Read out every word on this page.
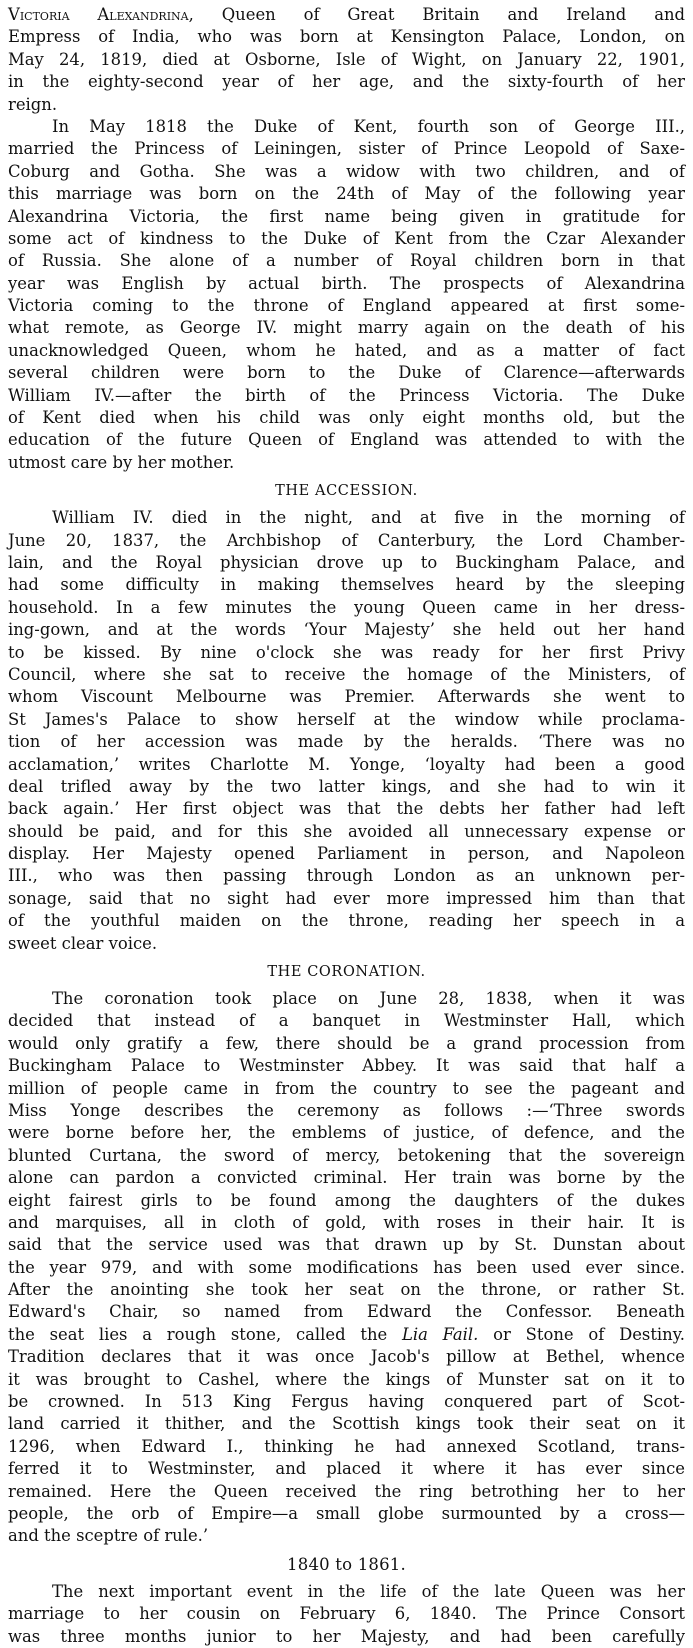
Victoria Alexandrina, Queen of Great Britain and Ireland and
Empress of India, who was born at Kensington Palace, London, on
May 24, 1819, died at Osborne, Isle of Wight, on January 22, 1901,
in the eighty-second year of her age, and the sixty-fourth of her
reign.
In May 1818 the Duke of Kent, fourth son of George III.,
married the Princess of Leiningen, sister of Prince Leopold of Saxe-
Coburg and Gotha. She was a widow with two children, and of
this marriage was born on the 24th of May of the following year
Alexandrina Victoria, the first name being given in gratitude for
some act of kindness to the Duke of Kent from the Czar Alexander
of Russia. She alone of a number of Royal children born in that
year was English by actual birth. The prospects of Alexandrina
Victoria coming to the throne of England appeared at first some-
what remote, as George IV. might marry again on the death of his
unacknowledged Queen, whom he hated, and as a matter of fact
several children were born to the Duke of Clarence—afterwards
William IV.—after the birth of the Princess Victoria. The Duke
of Kent died when his child was only eight months old, but the
education of the future Queen of England was attended to with the
utmost care by her mother.
THE ACCESSION.
William IV. died in the night, and at five in the morning of
June 20, 1837, the Archbishop of Canterbury, the Lord Chamber-
lain, and the Royal physician drove up to Buckingham Palace, and
had some difficulty in making themselves heard by the sleeping
household. In a few minutes the young Queen came in her dress-
ing-gown, and at the words ‘Your Majesty’ she held out her hand
to be kissed. By nine o'clock she was ready for her first Privy
Council, where she sat to receive the homage of the Ministers, of
whom Viscount Melbourne was Premier. Afterwards she went to
St James's Palace to show herself at the window while proclama-
tion of her accession was made by the heralds. ‘There was no
acclamation,’ writes Charlotte M. Yonge, ‘loyalty had been a good
deal trifled away by the two latter kings, and she had to win it
back again.’ Her first object was that the debts her father had left
should be paid, and for this she avoided all unnecessary expense or
display. Her Majesty opened Parliament in person, and Napoleon
III., who was then passing through London as an unknown per-
sonage, said that no sight had ever more impressed him than that
of the youthful maiden on the throne, reading her speech in a
sweet clear voice.
THE CORONATION.
The coronation took place on June 28, 1838, when it was
decided that instead of a banquet in Westminster Hall, which
would only gratify a few, there should be a grand procession from
Buckingham Palace to Westminster Abbey. It was said that half a
million of people came in from the country to see the pageant and
Miss Yonge describes the ceremony as follows :—‘Three swords
were borne before her, the emblems of justice, of defence, and the
blunted Curtana, the sword of mercy, betokening that the sovereign
alone can pardon a convicted criminal. Her train was borne by the
eight fairest girls to be found among the daughters of the dukes
and marquises, all in cloth of gold, with roses in their hair. It is
said that the service used was that drawn up by St. Dunstan about
the year 979, and with some modifications has been used ever since.
After the anointing she took her seat on the throne, or rather St.
Edward's Chair, so named from Edward the Confessor. Beneath
the seat lies a rough stone, called the Lia Fail. or Stone of Destiny.
Tradition declares that it was once Jacob's pillow at Bethel, whence
it was brought to Cashel, where the kings of Munster sat on it to
be crowned. In 513 King Fergus having conquered part of Scot-
land carried it thither, and the Scottish kings took their seat on it
1296, when Edward I., thinking he had annexed Scotland, trans-
ferred it to Westminster, and placed it where it has ever since
remained. Here the Queen received the ring betrothing her to her
people, the orb of Empire—a small globe surmounted by a cross—
and the sceptre of rule.’
1840 to 1861.
The next important event in the life of the late Queen was her
marriage to her cousin on February 6, 1840. The Prince Consort
was three months junior to her Majesty, and had been carefully
